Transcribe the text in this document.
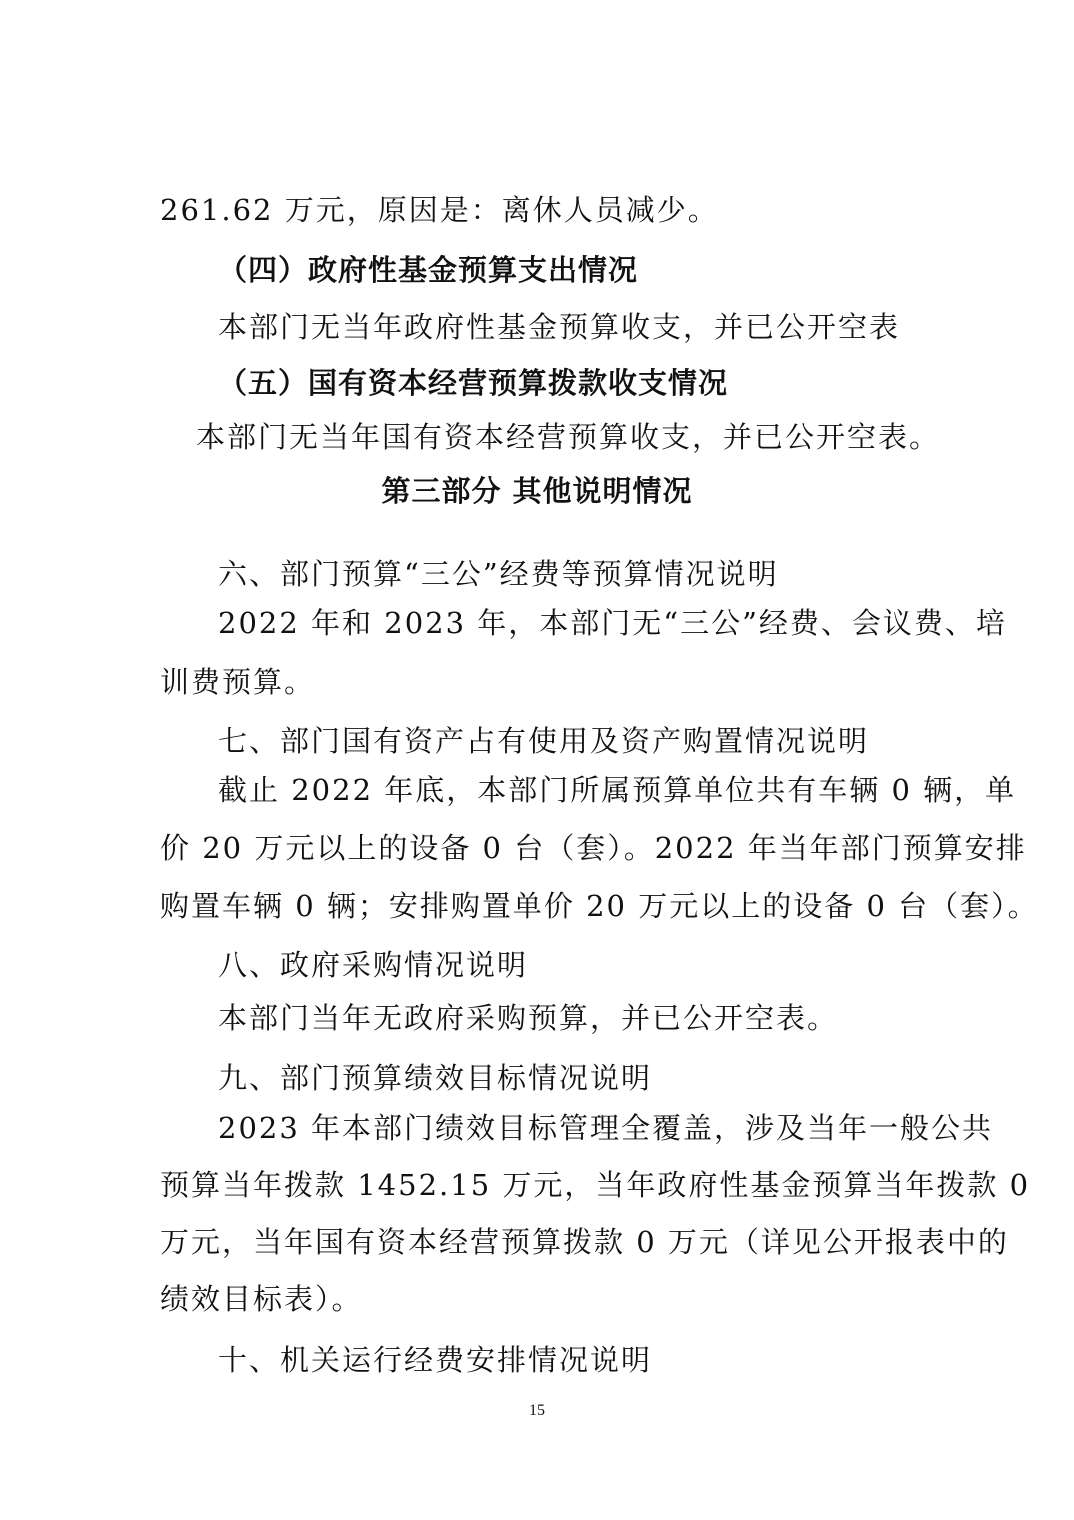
261.62 万元，原因是：离休人员减少。
（四）政府性基金预算支出情况
本部门无当年政府性基金预算收支，并已公开空表
（五）国有资本经营预算拨款收支情况
本部门无当年国有资本经营预算收支，并已公开空表。
第三部分 其他说明情况
六、部门预算“三公”经费等预算情况说明
2022 年和 2023 年，本部门无“三公”经费、会议费、培
训费预算。
七、部门国有资产占有使用及资产购置情况说明
截止 2022 年底，本部门所属预算单位共有车辆 0 辆，单
价 20 万元以上的设备 0 台（套）。2022 年当年部门预算安排
购置车辆 0 辆；安排购置单价 20 万元以上的设备 0 台（套）。
八、政府采购情况说明
本部门当年无政府采购预算，并已公开空表。
九、部门预算绩效目标情况说明
2023 年本部门绩效目标管理全覆盖，涉及当年一般公共
预算当年拨款 1452.15 万元，当年政府性基金预算当年拨款 0
万元，当年国有资本经营预算拨款 0 万元（详见公开报表中的
绩效目标表）。
十、机关运行经费安排情况说明
15
